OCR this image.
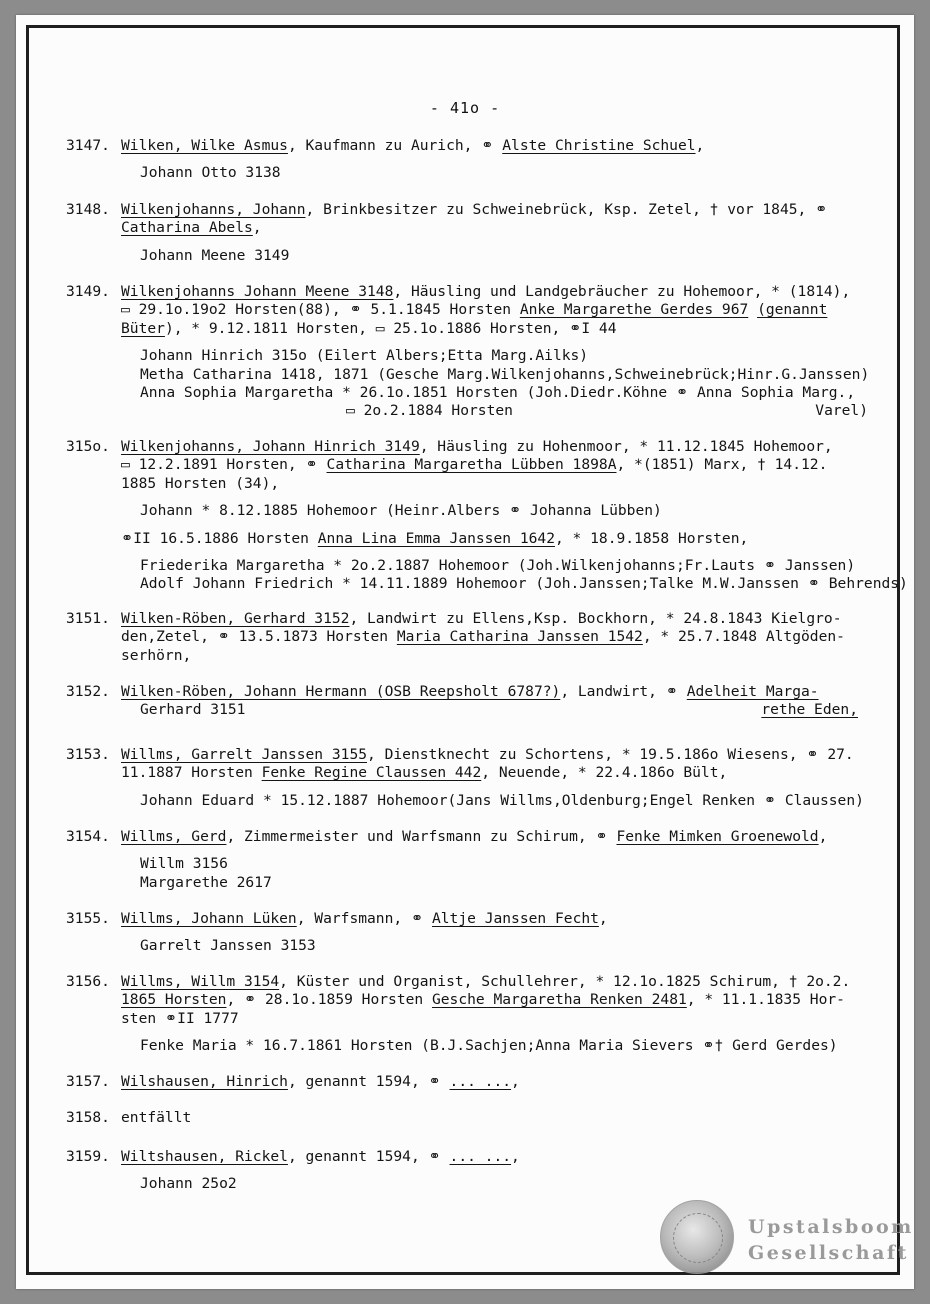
- 41o -
3147. Wilken, Wilke Asmus, Kaufmann zu Aurich, ⚭ Alste Christine Schuel,
Johann Otto 3138
3148. Wilkenjohanns, Johann, Brinkbesitzer zu Schweinebrück, Ksp. Zetel, † vor 1845, ⚭
Catharina Abels,
Johann Meene 3149
3149. Wilkenjohanns Johann Meene 3148, Häusling und Landgebräucher zu Hohemoor, * (1814),
▭ 29.1o.19o2 Horsten(88), ⚭ 5.1.1845 Horsten Anke Margarethe Gerdes 967 (genannt
Büter), * 9.12.1811 Horsten, ▭ 25.1o.1886 Horsten, ⚭I 44
Johann Hinrich 315o (Eilert Albers;Etta Marg.Ailks)
Metha Catharina 1418, 1871 (Gesche Marg.Wilkenjohanns,Schweinebrück;Hinr.G.Janssen)
Anna Sophia Margaretha * 26.1o.1851 Horsten (Joh.Diedr.Köhne ⚭ Anna Sophia Marg.,
▭ 2o.2.1884 Horsten	Varel)
315o. Wilkenjohanns, Johann Hinrich 3149, Häusling zu Hohenmoor, * 11.12.1845 Hohemoor,
▭ 12.2.1891 Horsten, ⚭ Catharina Margaretha Lübben 1898A, *(1851) Marx, † 14.12.
1885 Horsten (34),
Johann * 8.12.1885 Hohemoor (Heinr.Albers ⚭ Johanna Lübben)
⚭II 16.5.1886 Horsten Anna Lina Emma Janssen 1642, * 18.9.1858 Horsten,
Friederika Margaretha * 2o.2.1887 Hohemoor (Joh.Wilkenjohanns;Fr.Lauts ⚭ Janssen)
Adolf Johann Friedrich * 14.11.1889 Hohemoor (Joh.Janssen;Talke M.W.Janssen ⚭ Behrends)
3151. Wilken-Röben, Gerhard 3152, Landwirt zu Ellens,Ksp. Bockhorn, * 24.8.1843 Kielgro-
den,Zetel, ⚭ 13.5.1873 Horsten Maria Catharina Janssen 1542, * 25.7.1848 Altgöden-
serhörn,
3152. Wilken-Röben, Johann Hermann (OSB Reepsholt 6787?), Landwirt, ⚭ Adelheit Marga-
Gerhard 3151	rethe Eden,
3153. Willms, Garrelt Janssen 3155, Dienstknecht zu Schortens, * 19.5.186o Wiesens, ⚭ 27.
11.1887 Horsten Fenke Regine Claussen 442, Neuende, * 22.4.186o Bült,
Johann Eduard * 15.12.1887 Hohemoor(Jans Willms,Oldenburg;Engel Renken ⚭ Claussen)
3154. Willms, Gerd, Zimmermeister und Warfsmann zu Schirum, ⚭ Fenke Mimken Groenewold,
Willm 3156
Margarethe 2617
3155. Willms, Johann Lüken, Warfsmann, ⚭ Altje Janssen Fecht,
Garrelt Janssen 3153
3156. Willms, Willm 3154, Küster und Organist, Schullehrer, * 12.1o.1825 Schirum, † 2o.2.
1865 Horsten, ⚭ 28.1o.1859 Horsten Gesche Margaretha Renken 2481, * 11.1.1835 Hor-
sten ⚭II 1777
Fenke Maria * 16.7.1861 Horsten (B.J.Sachjen;Anna Maria Sievers ⚭† Gerd Gerdes)
3157. Wilshausen, Hinrich, genannt 1594, ⚭ ... ...,
3158. entfällt
3159. Wiltshausen, Rickel, genannt 1594, ⚭ ... ...,
Johann 25o2
Upstalsboom
Gesellschaft
